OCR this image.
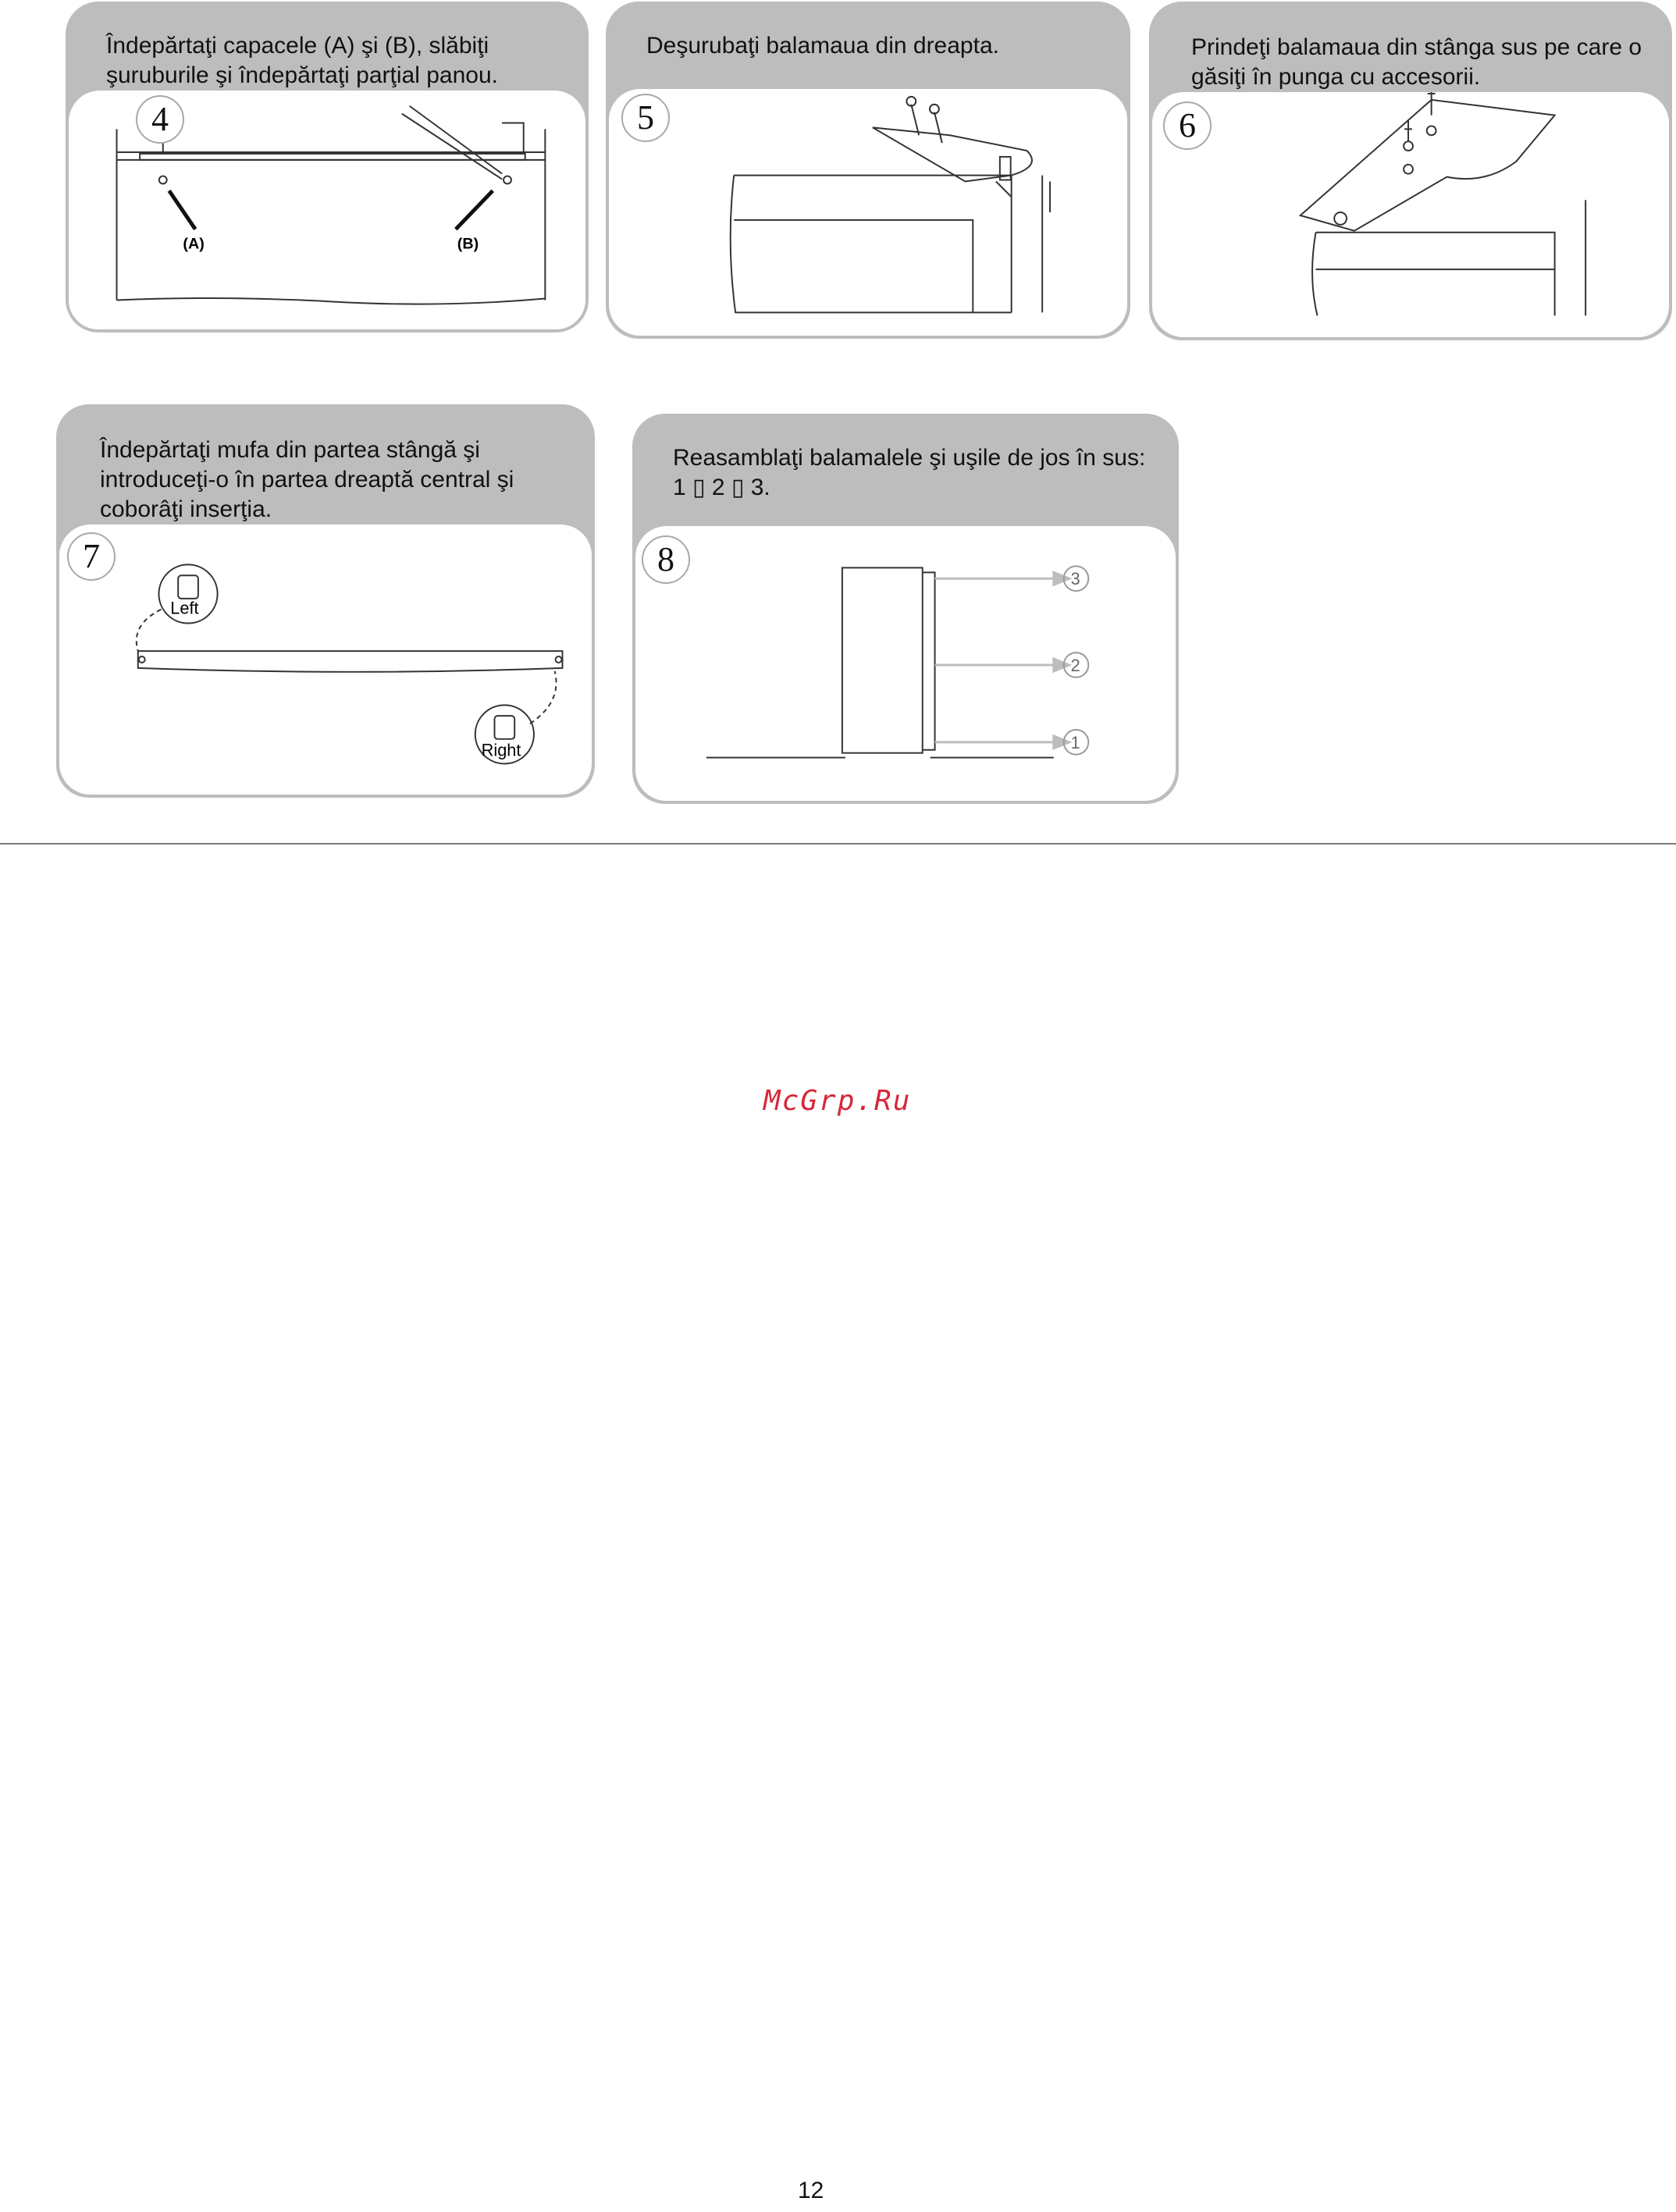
Îndepărtaţi capacele (A) şi (B), slăbiţi şuruburile şi îndepărtaţi parţial panou.
(A)	(B)
4
Deşurubaţi balamaua din dreapta.
5
Prindeţi balamaua din stânga sus pe care o găsiţi în punga cu accesorii.
6
Îndepărtaţi mufa din partea stângă şi introduceţi-o în partea dreaptă central şi coborâţi inserţia.
Left
Right
7
Reasamblaţi balamalele şi uşile de jos în sus: 1 ▯ 2 ▯ 3.
3
2
1
8
McGrp.Ru
12
